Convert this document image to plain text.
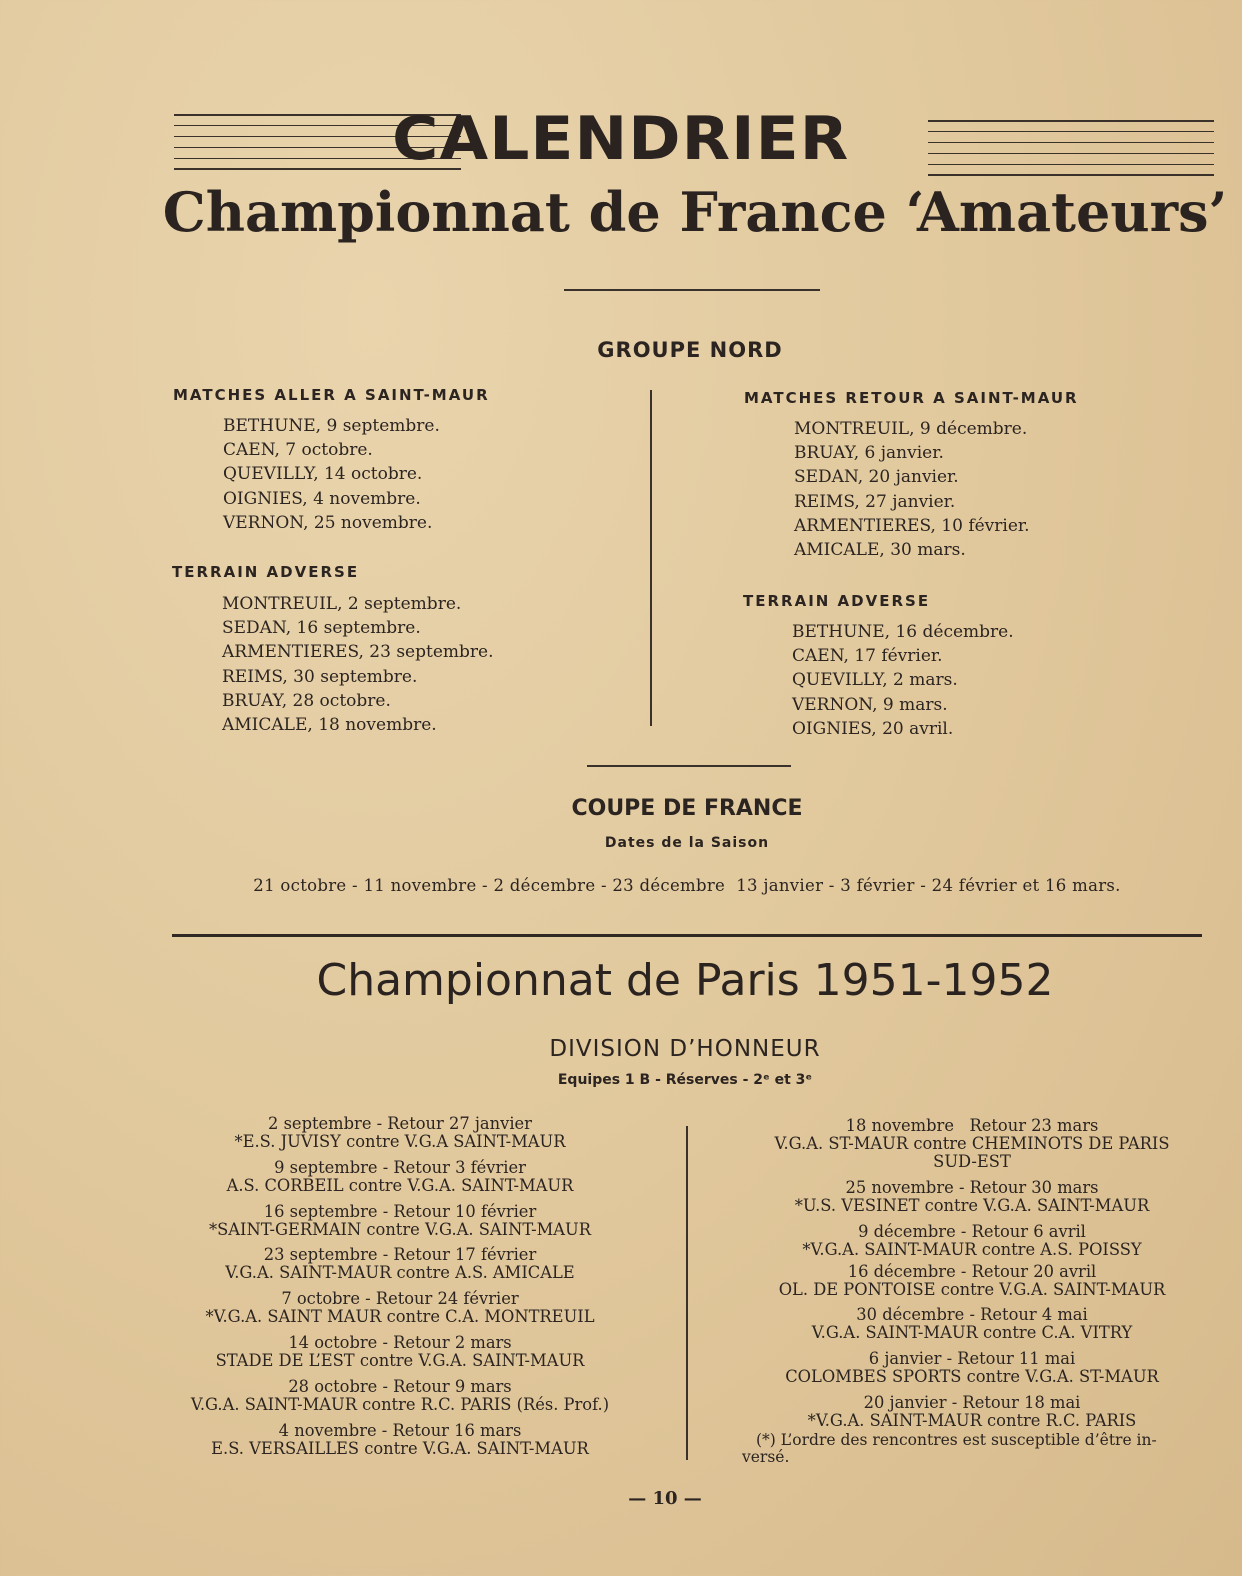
CALENDRIER
Championnat de France ‘Amateurs’
GROUPE NORD
MATCHES ALLER A SAINT-MAUR
BETHUNE, 9 septembre.
CAEN, 7 octobre.
QUEVILLY, 14 octobre.
OIGNIES, 4 novembre.
VERNON, 25 novembre.
TERRAIN ADVERSE
MONTREUIL, 2 septembre.
SEDAN, 16 septembre.
ARMENTIERES, 23 septembre.
REIMS, 30 septembre.
BRUAY, 28 octobre.
AMICALE, 18 novembre.
MATCHES RETOUR A SAINT-MAUR
MONTREUIL, 9 décembre.
BRUAY, 6 janvier.
SEDAN, 20 janvier.
REIMS, 27 janvier.
ARMENTIERES, 10 février.
AMICALE, 30 mars.
TERRAIN ADVERSE
BETHUNE, 16 décembre.
CAEN, 17 février.
QUEVILLY, 2 mars.
VERNON, 9 mars.
OIGNIES, 20 avril.
COUPE DE FRANCE
Dates de la Saison
21 octobre - 11 novembre - 2 décembre - 23 décembre  13 janvier - 3 février - 24 février et 16 mars.
Championnat de Paris 1951-1952
DIVISION D’HONNEUR
Equipes 1 B - Réserves - 2ᵉ et 3ᵉ
2 septembre - Retour 27 janvier
*E.S. JUVISY contre V.G.A SAINT-MAUR
9 septembre - Retour 3 février
A.S. CORBEIL contre V.G.A. SAINT-MAUR
16 septembre - Retour 10 février
*SAINT-GERMAIN contre V.G.A. SAINT-MAUR
23 septembre - Retour 17 février
V.G.A. SAINT-MAUR contre A.S. AMICALE
7 octobre - Retour 24 février
*V.G.A. SAINT MAUR contre C.A. MONTREUIL
14 octobre - Retour 2 mars
STADE DE L’EST contre V.G.A. SAINT-MAUR
28 octobre - Retour 9 mars
V.G.A. SAINT-MAUR contre R.C. PARIS (Rés. Prof.)
4 novembre - Retour 16 mars
E.S. VERSAILLES contre V.G.A. SAINT-MAUR
18 novembre   Retour 23 mars
V.G.A. ST-MAUR contre CHEMINOTS DE PARIS
SUD-EST
25 novembre - Retour 30 mars
*U.S. VESINET contre V.G.A. SAINT-MAUR
9 décembre - Retour 6 avril
*V.G.A. SAINT-MAUR contre A.S. POISSY
16 décembre - Retour 20 avril
OL. DE PONTOISE contre V.G.A. SAINT-MAUR
30 décembre - Retour 4 mai
V.G.A. SAINT-MAUR contre C.A. VITRY
6 janvier - Retour 11 mai
COLOMBES SPORTS contre V.G.A. ST-MAUR
20 janvier - Retour 18 mai
*V.G.A. SAINT-MAUR contre R.C. PARIS
(*) L’ordre des rencontres est susceptible d’être in-
versé.
— 10 —
